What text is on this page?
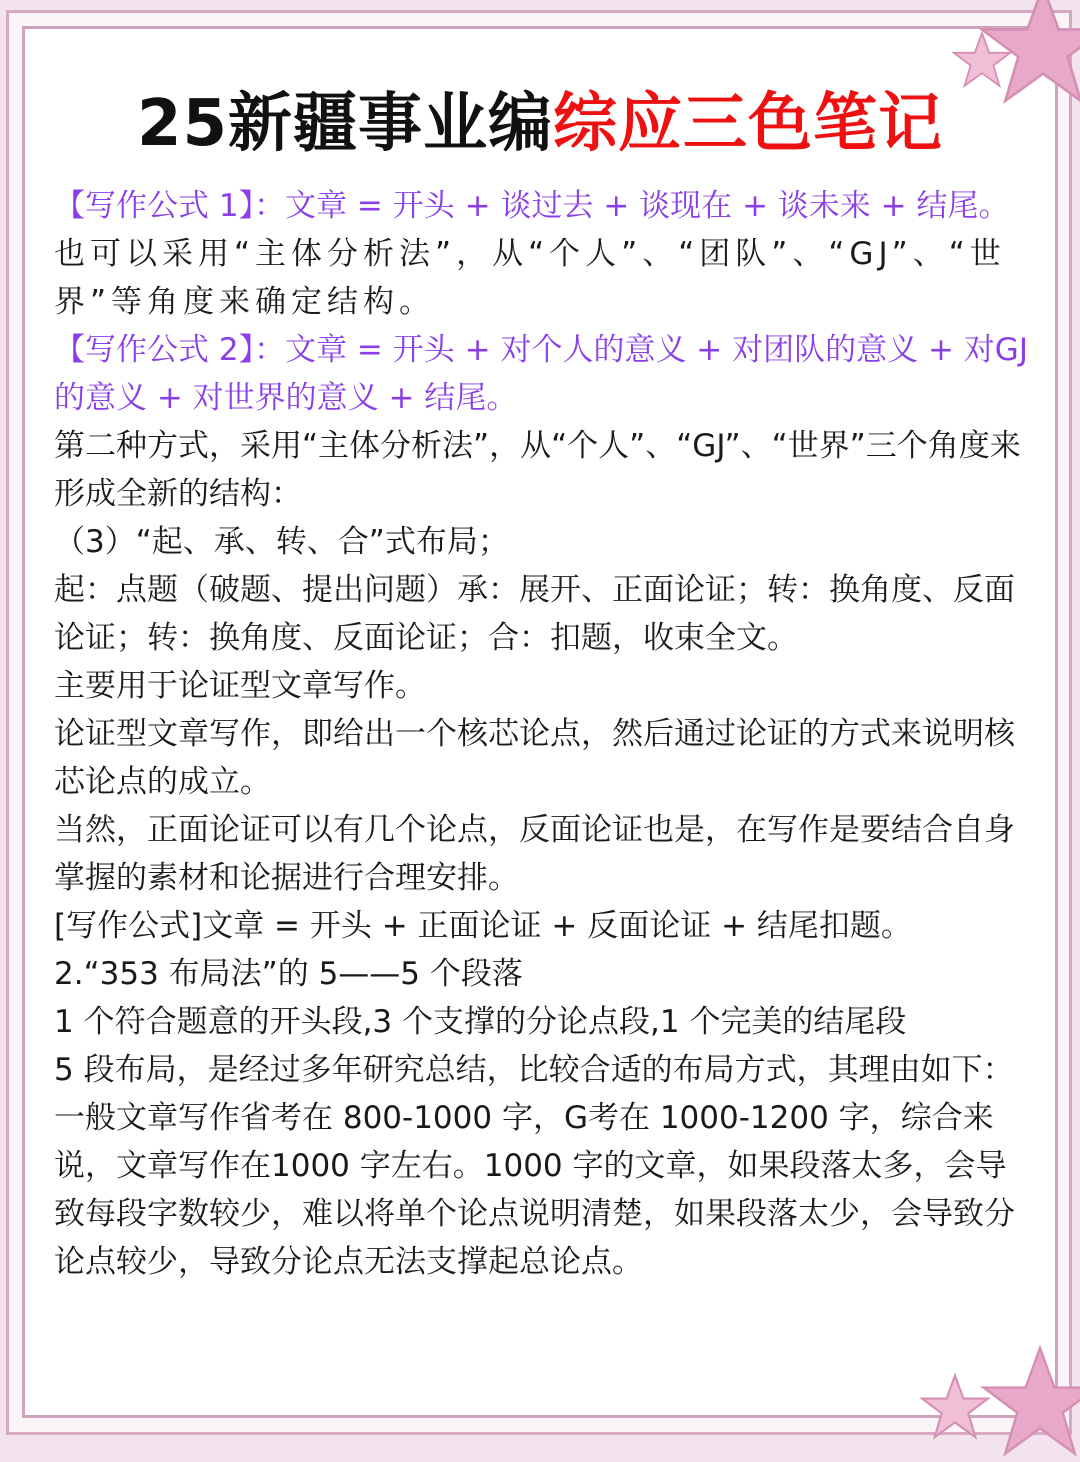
25新疆事业编综应三色笔记

【写作公式 1】：文章 = 开头 + 谈过去 + 谈现在 + 谈未来 + 结尾。

也可以采用“主体分析法”，从“个人”、“团队”、“GJ”、“世界”等角度来确定结构。

【写作公式 2】：文章 = 开头 + 对个人的意义 + 对团队的意义 + 对GJ的意义 + 对世界的意义 + 结尾。

第二种方式，采用“主体分析法”，从“个人”、“GJ”、“世界”三个角度来形成全新的结构：

（3）“起、承、转、合”式布局；

起：点题（破题、提出问题）承：展开、正面论证；转：换角度、反面论证；转：换角度、反面论证；合：扣题，收束全文。

主要用于论证型文章写作。

论证型文章写作，即给出一个核芯论点，然后通过论证的方式来说明核芯论点的成立。

当然，正面论证可以有几个论点，反面论证也是，在写作是要结合自身掌握的素材和论据进行合理安排。

[写作公式]文章 = 开头 + 正面论证 + 反面论证 + 结尾扣题。

2.“353 布局法”的 5——5 个段落

1 个符合题意的开头段,3 个支撑的分论点段,1 个完美的结尾段

5 段布局，是经过多年研究总结，比较合适的布局方式，其理由如下：

一般文章写作省考在 800-1000 字，G考在 1000-1200 字，综合来说，文章写作在1000 字左右。1000 字的文章，如果段落太多，会导致每段字数较少，难以将单个论点说明清楚，如果段落太少，会导致分论点较少，导致分论点无法支撑起总论点。
